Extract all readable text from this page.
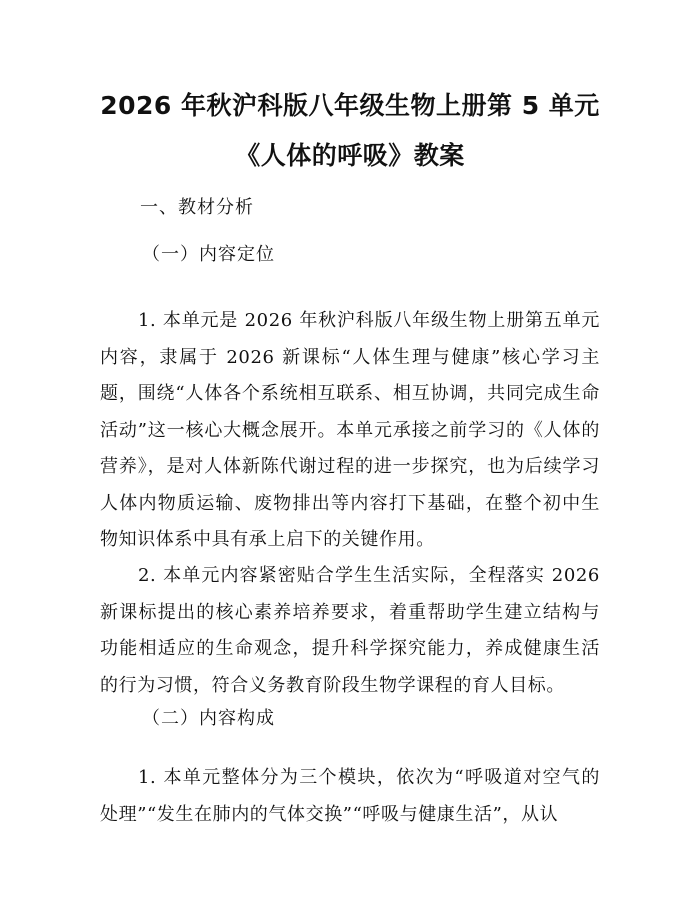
2026 年秋沪科版八年级生物上册第 5 单元
《人体的呼吸》教案
一、教材分析
（一）内容定位

1. 本单元是 2026 年秋沪科版八年级生物上册第五单元内容，隶属于 2026 新课标“人体生理与健康”核心学习主题，围绕“人体各个系统相互联系、相互协调，共同完成生命活动”这一核心大概念展开。本单元承接之前学习的《人体的营养》，是对人体新陈代谢过程的进一步探究，也为后续学习人体内物质运输、废物排出等内容打下基础，在整个初中生物知识体系中具有承上启下的关键作用。

2. 本单元内容紧密贴合学生生活实际，全程落实 2026 新课标提出的核心素养培养要求，着重帮助学生建立结构与功能相适应的生命观念，提升科学探究能力，养成健康生活的行为习惯，符合义务教育阶段生物学课程的育人目标。

（二）内容构成

1. 本单元整体分为三个模块，依次为“呼吸道对空气的处理”“发生在肺内的气体交换”“呼吸与健康生活”，从认
